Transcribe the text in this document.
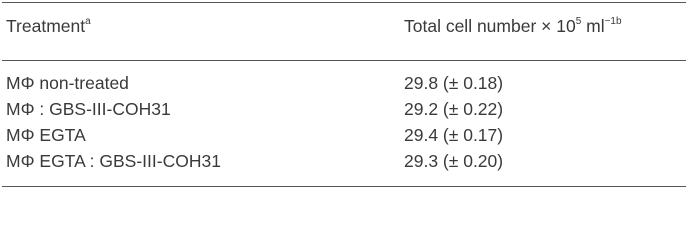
Treatment$^a$	Total cell number × $10^5$ $ml^{-1b}$
MΦ non-treated	29.8 (± 0.18)
MΦ : GBS-III-COH31	29.2 (± 0.22)
MΦ EGTA	29.4 (± 0.17)
MΦ EGTA : GBS-III-COH31	29.3 (± 0.20)
